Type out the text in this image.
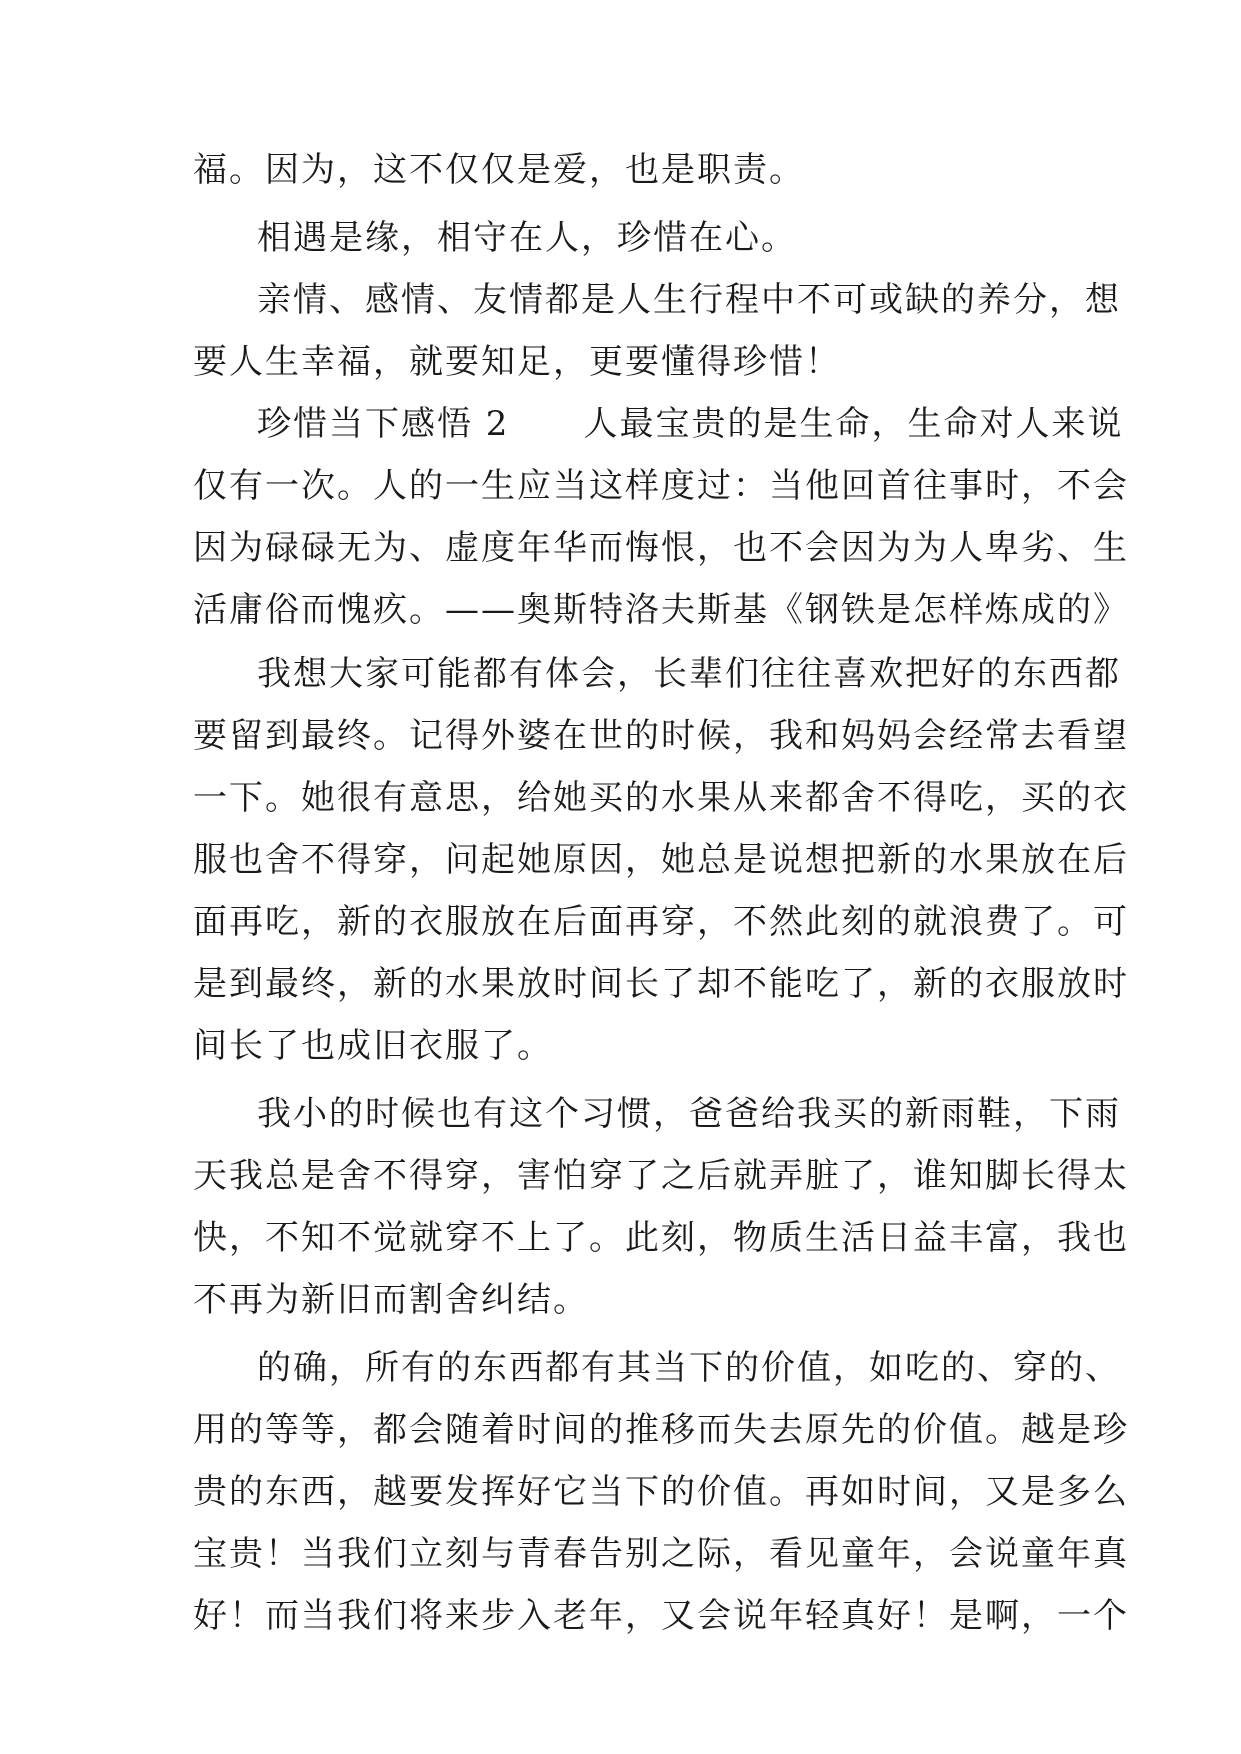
福。因为，这不仅仅是爱，也是职责。
相遇是缘，相守在人，珍惜在心。
亲情、感情、友情都是人生行程中不可或缺的养分，想
要人生幸福，就要知足，更要懂得珍惜！
珍惜当下感悟 2 人最宝贵的是生命，生命对人来说
仅有一次。人的一生应当这样度过：当他回首往事时，不会
因为碌碌无为、虚度年华而悔恨，也不会因为为人卑劣、生
活庸俗而愧疚。——奥斯特洛夫斯基《钢铁是怎样炼成的》
我想大家可能都有体会，长辈们往往喜欢把好的东西都
要留到最终。记得外婆在世的时候，我和妈妈会经常去看望
一下。她很有意思，给她买的水果从来都舍不得吃，买的衣
服也舍不得穿，问起她原因，她总是说想把新的水果放在后
面再吃，新的衣服放在后面再穿，不然此刻的就浪费了。可
是到最终，新的水果放时间长了却不能吃了，新的衣服放时
间长了也成旧衣服了。
我小的时候也有这个习惯，爸爸给我买的新雨鞋，下雨
天我总是舍不得穿，害怕穿了之后就弄脏了，谁知脚长得太
快，不知不觉就穿不上了。此刻，物质生活日益丰富，我也
不再为新旧而割舍纠结。
的确，所有的东西都有其当下的价值，如吃的、穿的、
用的等等，都会随着时间的推移而失去原先的价值。越是珍
贵的东西，越要发挥好它当下的价值。再如时间，又是多么
宝贵！当我们立刻与青春告别之际，看见童年，会说童年真
好！而当我们将来步入老年，又会说年轻真好！是啊，一个
